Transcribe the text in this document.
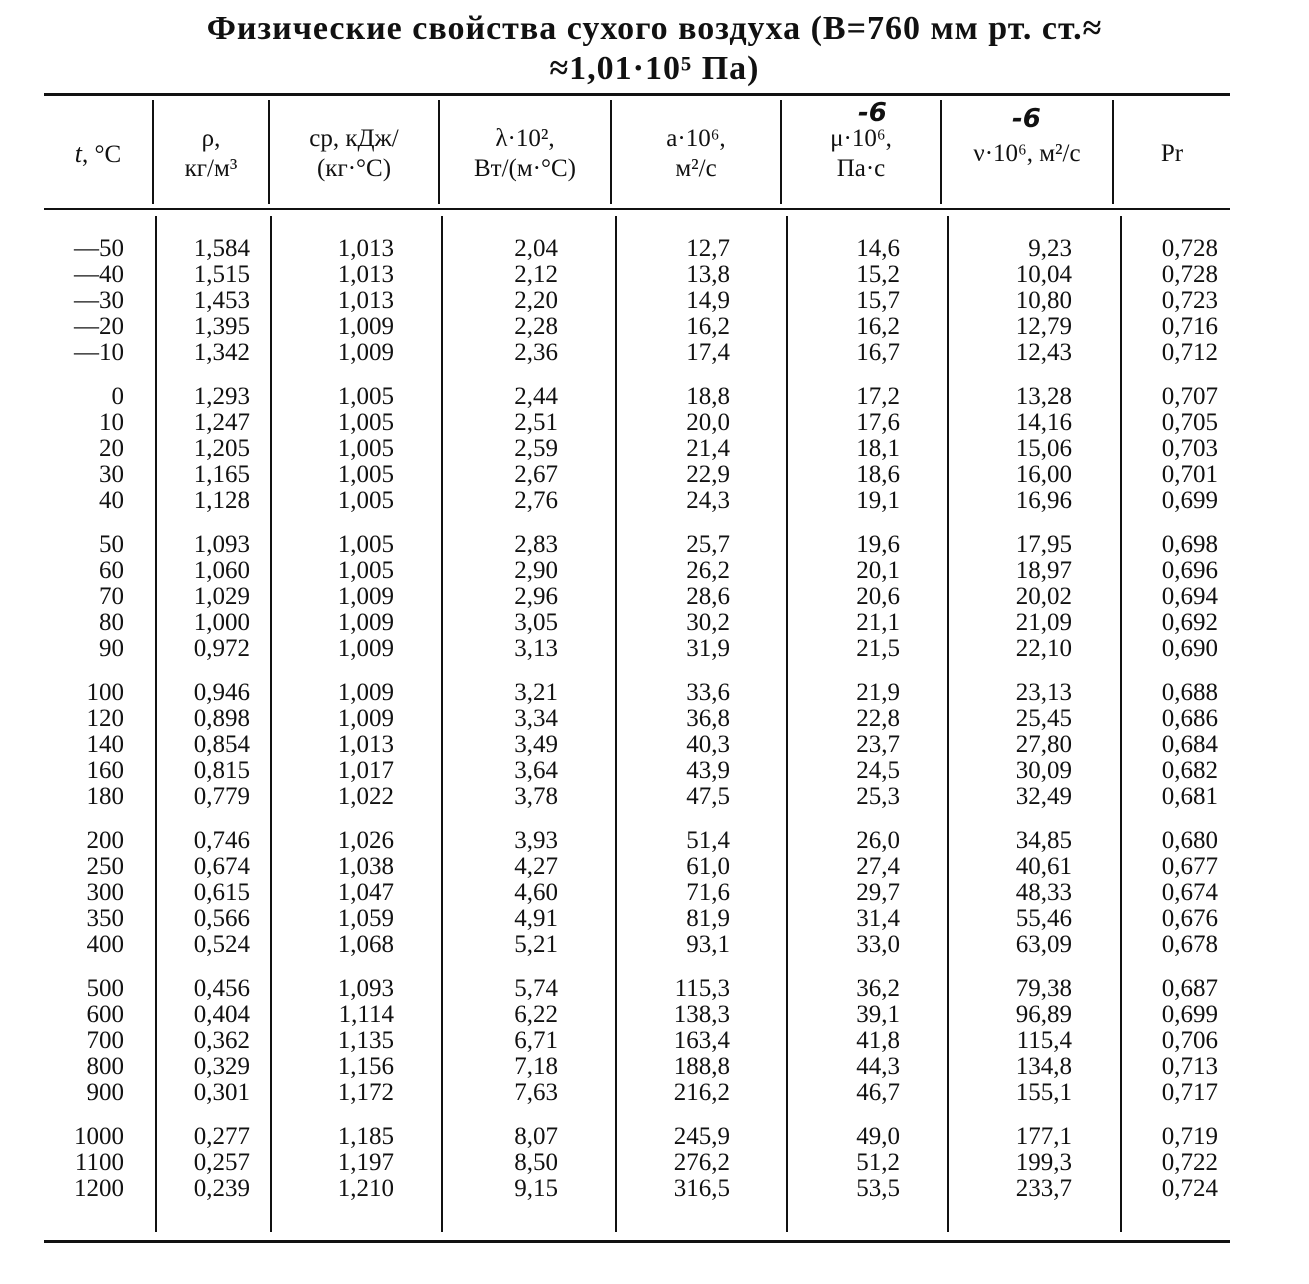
Физические свойства сухого воздуха (B=760 мм рт. ст.≈
≈1,01·10⁵ Па)
t, °C
ρ,
кг/м³
cp, кДж/
(кг·°С)
λ·10²,
Вт/(м·°С)
a·10⁶,
м²/с
μ·10⁶,
Па·с
ν·10⁶, м²/с	Pr
-6	-6
—50
—40
—30
—20
—10
0
10
20
30
40
50
60
70
80
90
100
120
140
160
180
200
250
300
350
400
500
600
700
800
900
1000
1100
1200
1,584
1,515
1,453
1,395
1,342
1,293
1,247
1,205
1,165
1,128
1,093
1,060
1,029
1,000
0,972
0,946
0,898
0,854
0,815
0,779
0,746
0,674
0,615
0,566
0,524
0,456
0,404
0,362
0,329
0,301
0,277
0,257
0,239
1,013
1,013
1,013
1,009
1,009
1,005
1,005
1,005
1,005
1,005
1,005
1,005
1,009
1,009
1,009
1,009
1,009
1,013
1,017
1,022
1,026
1,038
1,047
1,059
1,068
1,093
1,114
1,135
1,156
1,172
1,185
1,197
1,210
2,04
2,12
2,20
2,28
2,36
2,44
2,51
2,59
2,67
2,76
2,83
2,90
2,96
3,05
3,13
3,21
3,34
3,49
3,64
3,78
3,93
4,27
4,60
4,91
5,21
5,74
6,22
6,71
7,18
7,63
8,07
8,50
9,15
12,7
13,8
14,9
16,2
17,4
18,8
20,0
21,4
22,9
24,3
25,7
26,2
28,6
30,2
31,9
33,6
36,8
40,3
43,9
47,5
51,4
61,0
71,6
81,9
93,1
115,3
138,3
163,4
188,8
216,2
245,9
276,2
316,5
14,6
15,2
15,7
16,2
16,7
17,2
17,6
18,1
18,6
19,1
19,6
20,1
20,6
21,1
21,5
21,9
22,8
23,7
24,5
25,3
26,0
27,4
29,7
31,4
33,0
36,2
39,1
41,8
44,3
46,7
49,0
51,2
53,5
9,23
10,04
10,80
12,79
12,43
13,28
14,16
15,06
16,00
16,96
17,95
18,97
20,02
21,09
22,10
23,13
25,45
27,80
30,09
32,49
34,85
40,61
48,33
55,46
63,09
79,38
96,89
115,4
134,8
155,1
177,1
199,3
233,7
0,728
0,728
0,723
0,716
0,712
0,707
0,705
0,703
0,701
0,699
0,698
0,696
0,694
0,692
0,690
0,688
0,686
0,684
0,682
0,681
0,680
0,677
0,674
0,676
0,678
0,687
0,699
0,706
0,713
0,717
0,719
0,722
0,724
